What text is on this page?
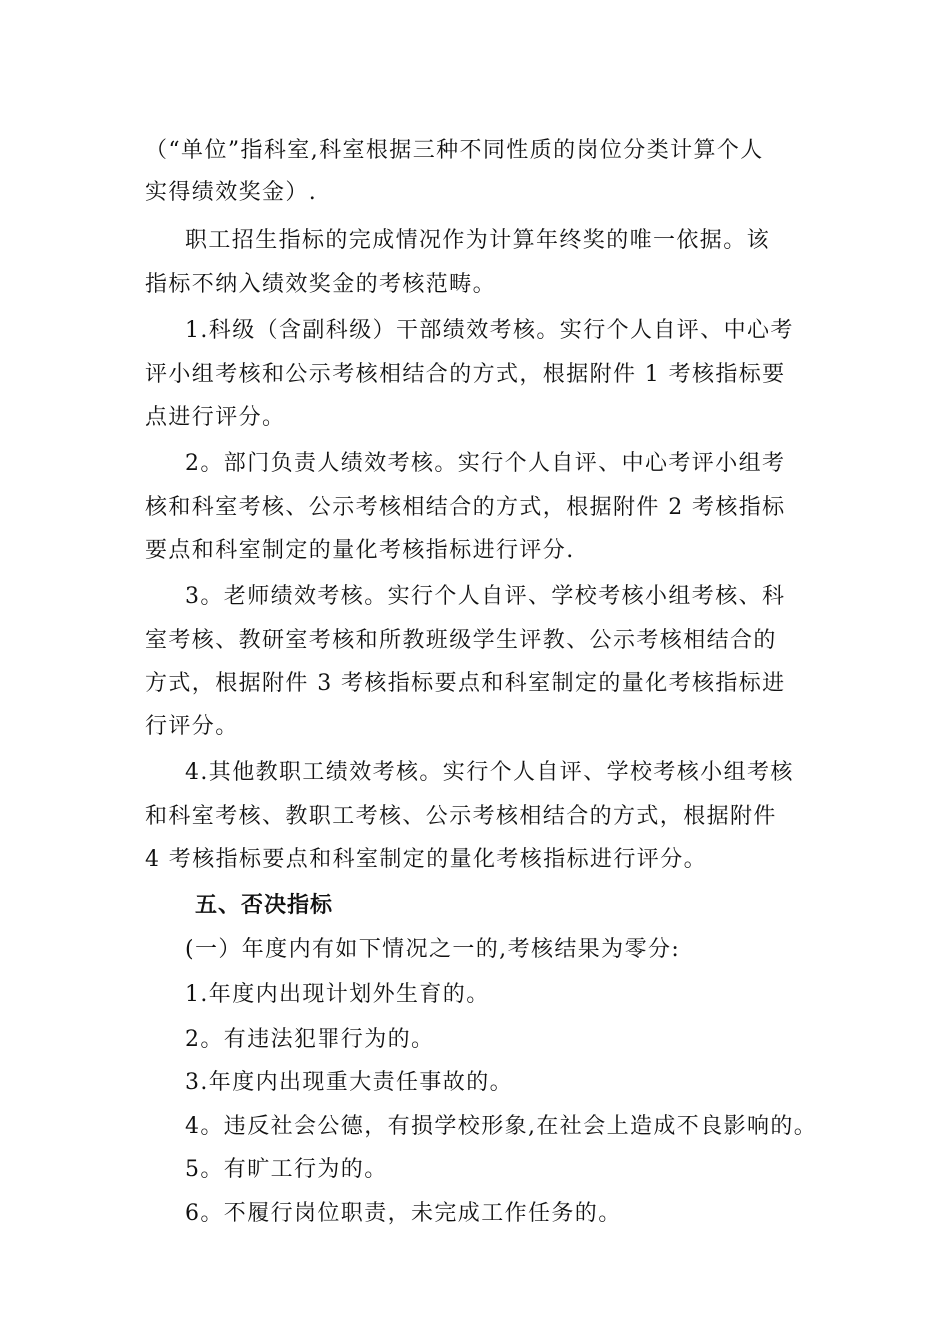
（“单位”指科室,科室根据三种不同性质的岗位分类计算个人
实得绩效奖金）.
职工招生指标的完成情况作为计算年终奖的唯一依据。该
指标不纳入绩效奖金的考核范畴。
1.科级（含副科级）干部绩效考核。实行个人自评、中心考
评小组考核和公示考核相结合的方式，根据附件 1 考核指标要
点进行评分。
2。部门负责人绩效考核。实行个人自评、中心考评小组考
核和科室考核、公示考核相结合的方式，根据附件 2 考核指标
要点和科室制定的量化考核指标进行评分.
3。老师绩效考核。实行个人自评、学校考核小组考核、科
室考核、教研室考核和所教班级学生评教、公示考核相结合的
方式，根据附件 3 考核指标要点和科室制定的量化考核指标进
行评分。
4.其他教职工绩效考核。实行个人自评、学校考核小组考核
和科室考核、教职工考核、公示考核相结合的方式，根据附件
4 考核指标要点和科室制定的量化考核指标进行评分。
五、否决指标
(一）年度内有如下情况之一的,考核结果为零分:
1.年度内出现计划外生育的。
2。有违法犯罪行为的。
3.年度内出现重大责任事故的。
4。违反社会公德，有损学校形象,在社会上造成不良影响的。
5。有旷工行为的。
6。不履行岗位职责，未完成工作任务的。
